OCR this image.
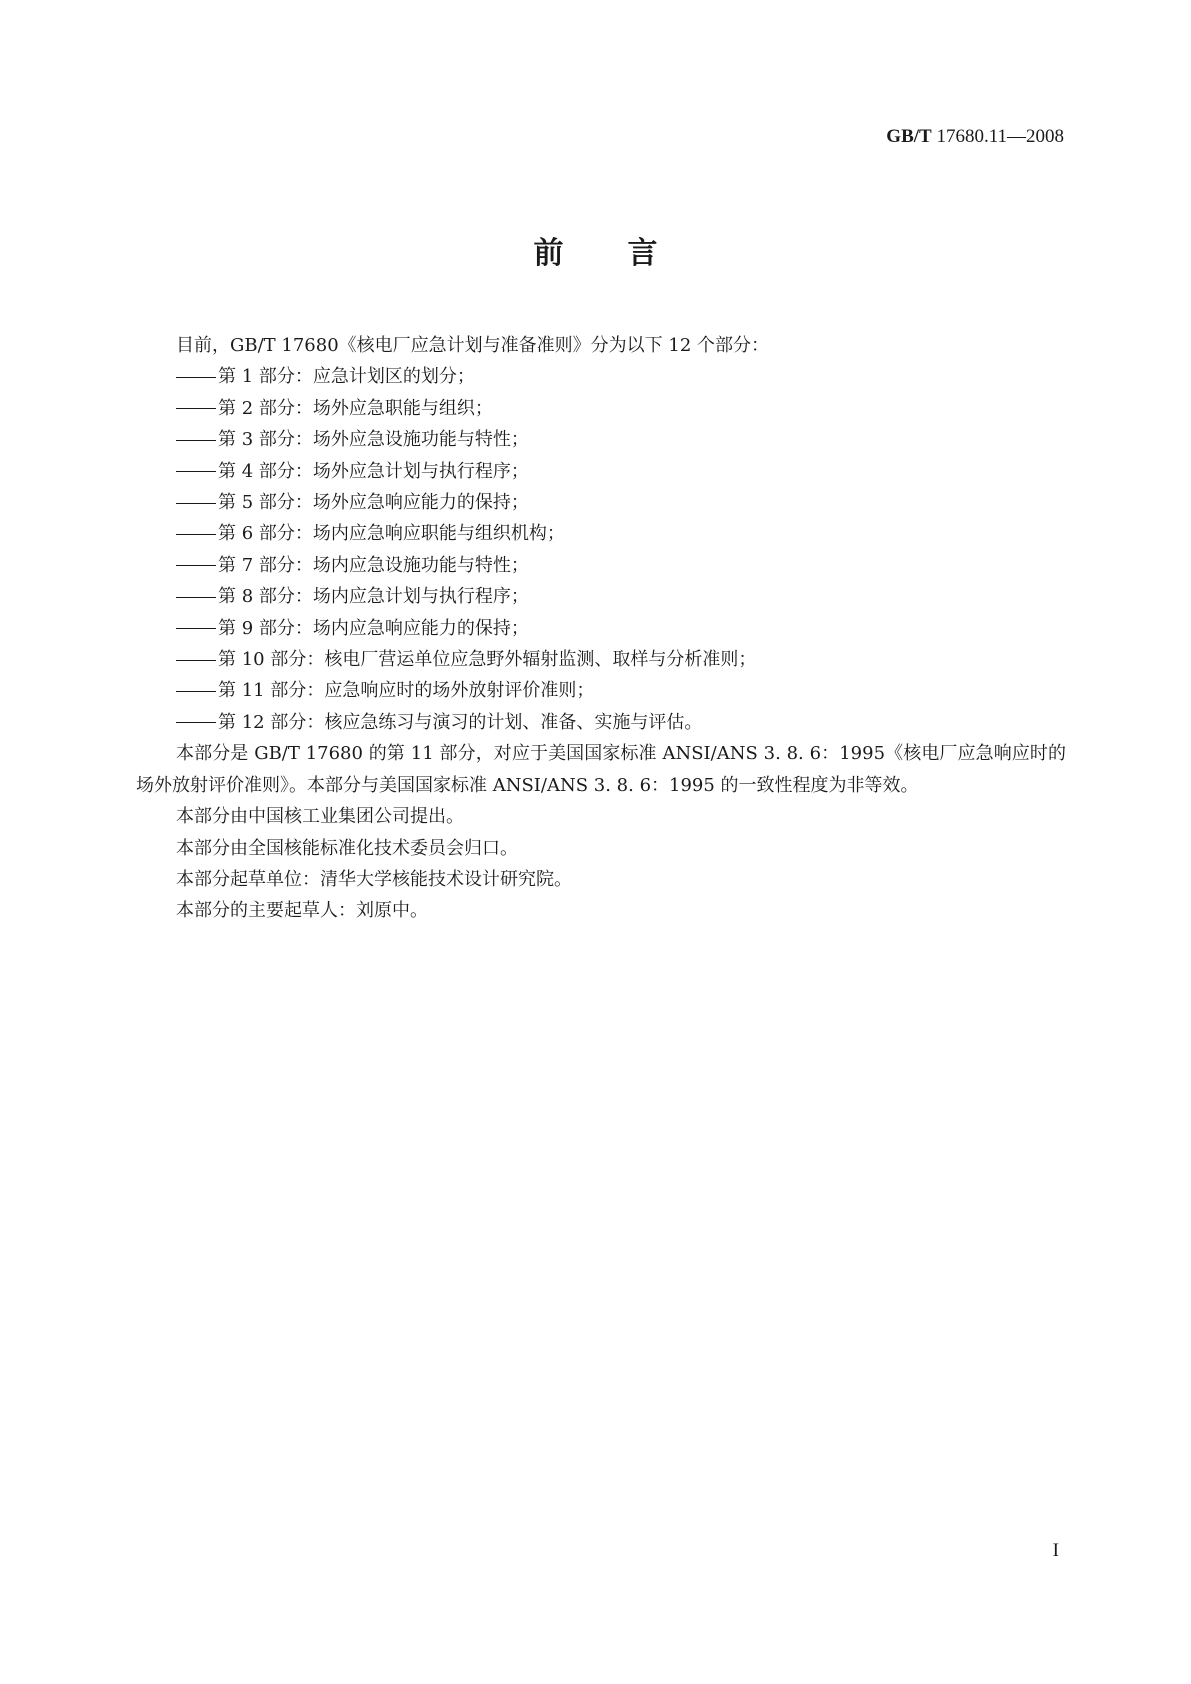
GB/T 17680.11—2008
前 言

目前，GB/T 17680《核电厂应急计划与准备准则》分为以下 12 个部分：

第 1 部分：应急计划区的划分；
第 2 部分：场外应急职能与组织；
第 3 部分：场外应急设施功能与特性；
第 4 部分：场外应急计划与执行程序；
第 5 部分：场外应急响应能力的保持；
第 6 部分：场内应急响应职能与组织机构；
第 7 部分：场内应急设施功能与特性；
第 8 部分：场内应急计划与执行程序；
第 9 部分：场内应急响应能力的保持；
第 10 部分：核电厂营运单位应急野外辐射监测、取样与分析准则；
第 11 部分：应急响应时的场外放射评价准则；
第 12 部分：核应急练习与演习的计划、准备、实施与评估。

本部分是 GB/T 17680 的第 11 部分，对应于美国国家标准 ANSI/ANS 3. 8. 6：1995《核电厂应急响应时的场外放射评价准则》。本部分与美国国家标准 ANSI/ANS 3. 8. 6：1995 的一致性程度为非等效。

本部分由中国核工业集团公司提出。

本部分由全国核能标准化技术委员会归口。

本部分起草单位：清华大学核能技术设计研究院。

本部分的主要起草人：刘原中。

I
